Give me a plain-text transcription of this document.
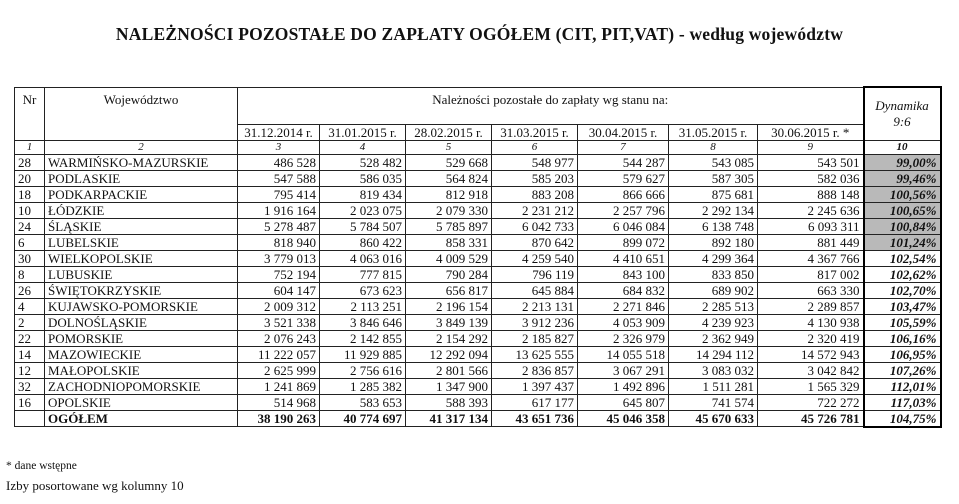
NALEŻNOŚCI POZOSTAŁE DO ZAPŁATY OGÓŁEM (CIT, PIT,VAT) - według województw
Nr	Województwo	Należności pozostałe do zapłaty wg stanu na:							Dynamika
9:6

		31.12.2014 r.	31.01.2015 r.	28.02.2015 r.	31.03.2015 r.	30.04.2015 r.	31.05.2015 r.	30.06.2015 r. *	
1	2	3	4	5	6	7	8	9	10
28	WARMIŃSKO-MAZURSKIE	486 528	528 482	529 668	548 977	544 287	543 085	543 501	99,00%
20	PODLASKIE	547 588	586 035	564 824	585 203	579 627	587 305	582 036	99,46%
18	PODKARPACKIE	795 414	819 434	812 918	883 208	866 666	875 681	888 148	100,56%
10	ŁÓDZKIE	1 916 164	2 023 075	2 079 330	2 231 212	2 257 796	2 292 134	2 245 636	100,65%
24	ŚLĄSKIE	5 278 487	5 784 507	5 785 897	6 042 733	6 046 084	6 138 748	6 093 311	100,84%
6	LUBELSKIE	818 940	860 422	858 331	870 642	899 072	892 180	881 449	101,24%
30	WIELKOPOLSKIE	3 779 013	4 063 016	4 009 529	4 259 540	4 410 651	4 299 364	4 367 766	102,54%
8	LUBUSKIE	752 194	777 815	790 284	796 119	843 100	833 850	817 002	102,62%
26	ŚWIĘTOKRZYSKIE	604 147	673 623	656 817	645 884	684 832	689 902	663 330	102,70%
4	KUJAWSKO-POMORSKIE	2 009 312	2 113 251	2 196 154	2 213 131	2 271 846	2 285 513	2 289 857	103,47%
2	DOLNOŚLĄSKIE	3 521 338	3 846 646	3 849 139	3 912 236	4 053 909	4 239 923	4 130 938	105,59%
22	POMORSKIE	2 076 243	2 142 855	2 154 292	2 185 827	2 326 979	2 362 949	2 320 419	106,16%
14	MAZOWIECKIE	11 222 057	11 929 885	12 292 094	13 625 555	14 055 518	14 294 112	14 572 943	106,95%
12	MAŁOPOLSKIE	2 625 999	2 756 616	2 801 566	2 836 857	3 067 291	3 083 032	3 042 842	107,26%
32	ZACHODNIOPOMORSKIE	1 241 869	1 285 382	1 347 900	1 397 437	1 492 896	1 511 281	1 565 329	112,01%
16	OPOLSKIE	514 968	583 653	588 393	617 177	645 807	741 574	722 272	117,03%
	OGÓŁEM	38 190 263	40 774 697	41 317 134	43 651 736	45 046 358	45 670 633	45 726 781	104,75%
* dane wstępne
Izby posortowane wg kolumny 10
